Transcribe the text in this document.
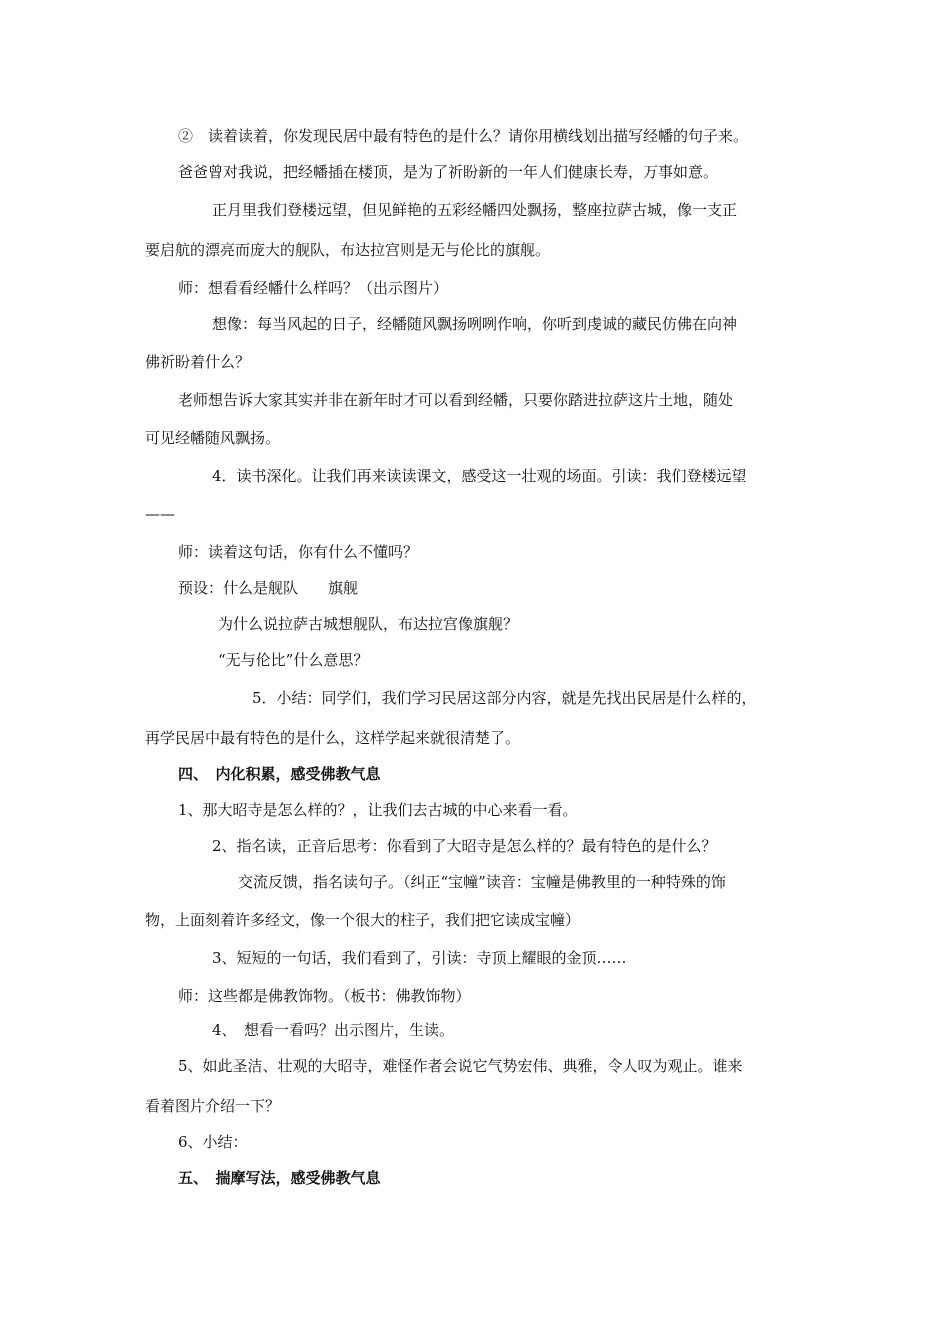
②　读着读着，你发现民居中最有特色的是什么？请你用横线划出描写经幡的句子来。
爸爸曾对我说，把经幡插在楼顶，是为了祈盼新的一年人们健康长寿，万事如意。
正月里我们登楼远望，但见鲜艳的五彩经幡四处飘扬，整座拉萨古城，像一支正
要启航的漂亮而庞大的舰队，布达拉宫则是无与伦比的旗舰。
师：想看看经幡什么样吗？（出示图片）
想像：每当风起的日子，经幡随风飘扬咧咧作响，你听到虔诚的藏民仿佛在向神
佛祈盼着什么？
老师想告诉大家其实并非在新年时才可以看到经幡，只要你踏进拉萨这片土地，随处
可见经幡随风飘扬。
4．读书深化。让我们再来读读课文，感受这一壮观的场面。引读：我们登楼远望
——
师：读着这句话，你有什么不懂吗？
预设：什么是舰队　　旗舰
为什么说拉萨古城想舰队，布达拉宫像旗舰？
“无与伦比”什么意思？
5．小结：同学们，我们学习民居这部分内容，就是先找出民居是什么样的，
再学民居中最有特色的是什么，这样学起来就很清楚了。
四、　内化积累，感受佛教气息
1、那大昭寺是怎么样的？，让我们去古城的中心来看一看。
2、指名读，正音后思考：你看到了大昭寺是怎么样的？最有特色的是什么？
交流反馈，指名读句子。（纠正“宝幢”读音：宝幢是佛教里的一种特殊的饰
物，上面刻着许多经文，像一个很大的柱子，我们把它读成宝幢）
3、短短的一句话，我们看到了，引读：寺顶上耀眼的金顶……
师：这些都是佛教饰物。（板书：佛教饰物）
4、　想看一看吗？出示图片，生读。
5、如此圣洁、壮观的大昭寺，难怪作者会说它气势宏伟、典雅，令人叹为观止。谁来
看着图片介绍一下？
6、小结：
五、　揣摩写法，感受佛教气息
